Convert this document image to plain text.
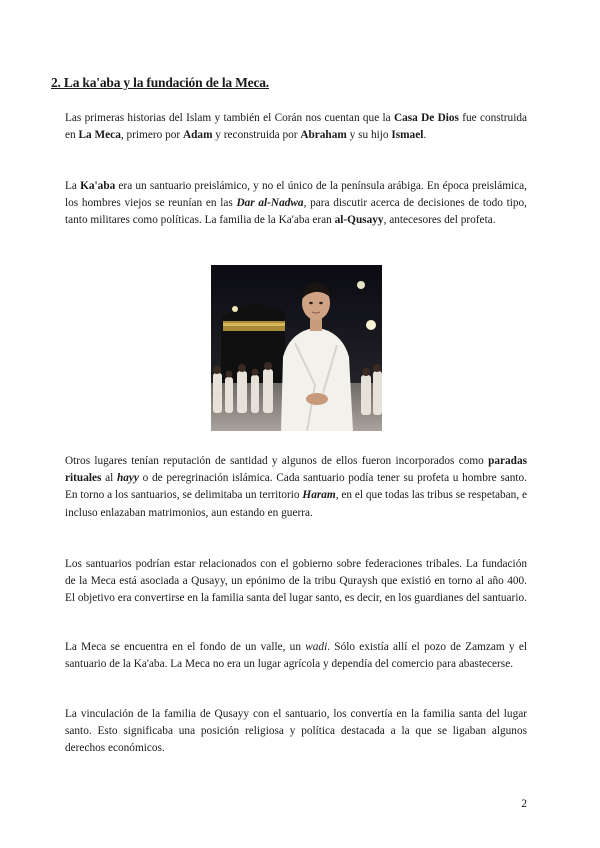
2. La ka'aba y la fundación de la Meca.

Las primeras historias del Islam y también el Corán nos cuentan que la Casa De Dios fue construida en La Meca, primero por Adam y reconstruida por Abraham y su hijo Ismael.

La Ka'aba era un santuario preislámico, y no el único de la península arábiga. En época preislámica, los hombres viejos se reunían en las Dar al-Nadwa, para discutir acerca de decisiones de todo tipo, tanto militares como políticas. La familia de la Ka'aba eran al-Qusayy, antecesores del profeta.

Otros lugares tenían reputación de santidad y algunos de ellos fueron incorporados como paradas rituales al hayy o de peregrinación islámica. Cada santuario podía tener su profeta u hombre santo. En torno a los santuarios, se delimitaba un territorio Haram, en el que todas las tribus se respetaban, e incluso enlazaban matrimonios, aun estando en guerra.

Los santuarios podrían estar relacionados con el gobierno sobre federaciones tribales. La fundación de la Meca está asociada a Qusayy, un epónimo de la tribu Quraysh que existió en torno al año 400. El objetivo era convertirse en la familia santa del lugar santo, es decir, en los guardianes del santuario.

La Meca se encuentra en el fondo de un valle, un wadi. Sólo existía allí el pozo de Zamzam y el santuario de la Ka'aba. La Meca no era un lugar agrícola y dependía del comercio para abastecerse.

La vinculación de la familia de Qusayy con el santuario, los convertía en la familia santa del lugar santo. Esto significaba una posición religiosa y política destacada a la que se ligaban algunos derechos económicos.

2
